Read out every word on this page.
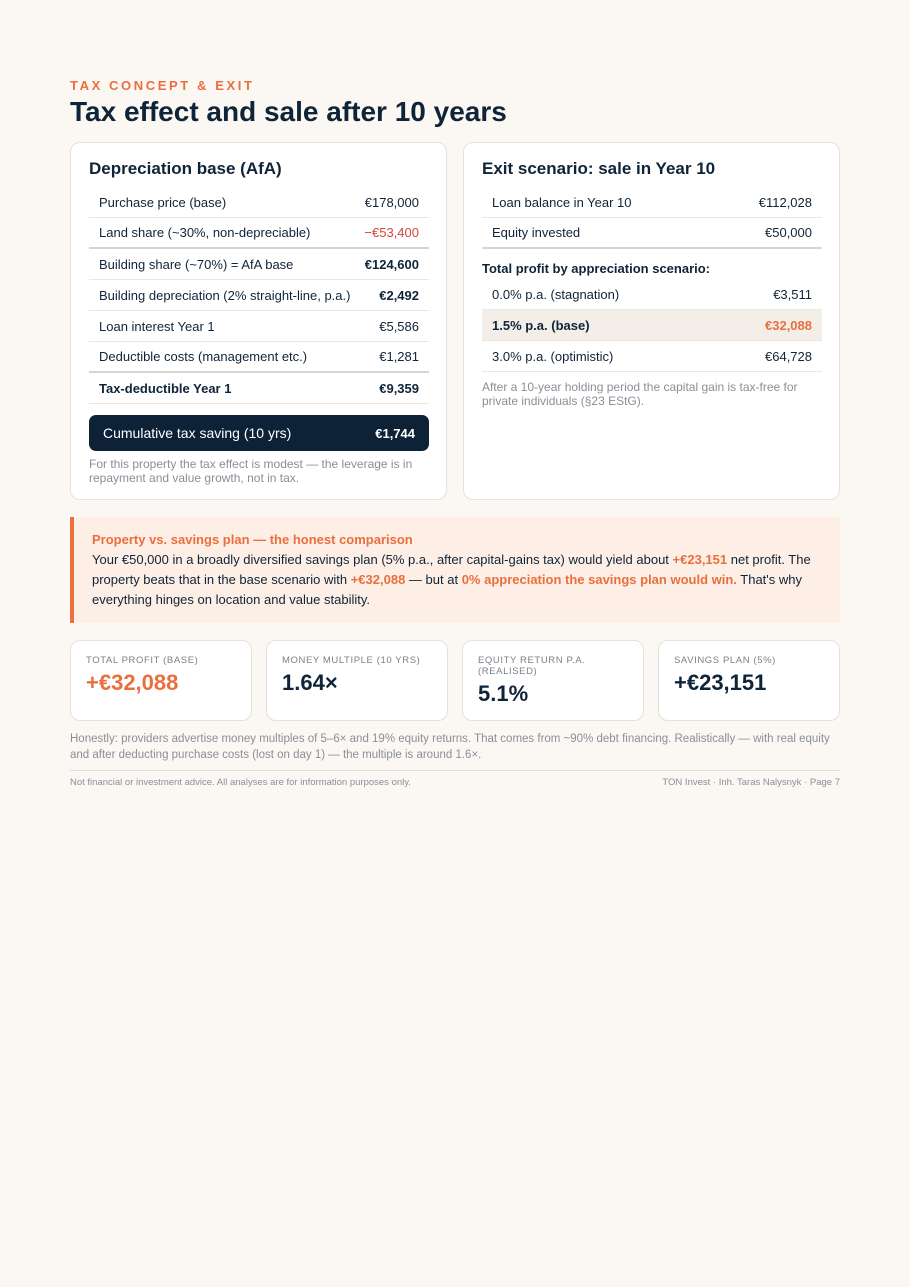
TAX CONCEPT & EXIT
Tax effect and sale after 10 years
Depreciation base (AfA)
Purchase price (base)	€178,000
Land share (~30%, non-depreciable)	−€53,400
Building share (~70%) = AfA base	€124,600
Building depreciation (2% straight-line, p.a.) €2,492
Loan interest Year 1	€5,586
Deductible costs (management etc.)	€1,281
Tax-deductible Year 1	€9,359
Cumulative tax saving (10 yrs)	€1,744
For this property the tax effect is modest — the leverage is in repayment and value growth, not in tax.
Exit scenario: sale in Year 10
Loan balance in Year 10	€112,028
Equity invested	€50,000
Total profit by appreciation scenario:
0.0% p.a. (stagnation)	€3,511
1.5% p.a. (base)	€32,088
3.0% p.a. (optimistic)	€64,728
After a 10-year holding period the capital gain is tax-free for private individuals (§23 EStG).
Property vs. savings plan — the honest comparison

Your €50,000 in a broadly diversified savings plan (5% p.a., after capital-gains tax) would yield about +€23,151 net profit. The property beats that in the base scenario with +€32,088 — but at 0% appreciation the savings plan would win. That's why everything hinges on location and value stability.

TOTAL PROFIT (BASE)
+€32,088
MONEY MULTIPLE (10 YRS)
1.64×
EQUITY RETURN P.A. (REALISED)
5.1%
SAVINGS PLAN (5%)
+€23,151
Honestly: providers advertise money multiples of 5–6× and 19% equity returns. That comes from ~90% debt financing. Realistically — with real equity and after deducting purchase costs (lost on day 1) — the multiple is around 1.6×.
Not financial or investment advice. All analyses are for information purposes only.	TON Invest · Inh. Taras Nalysnyk · Page 7
